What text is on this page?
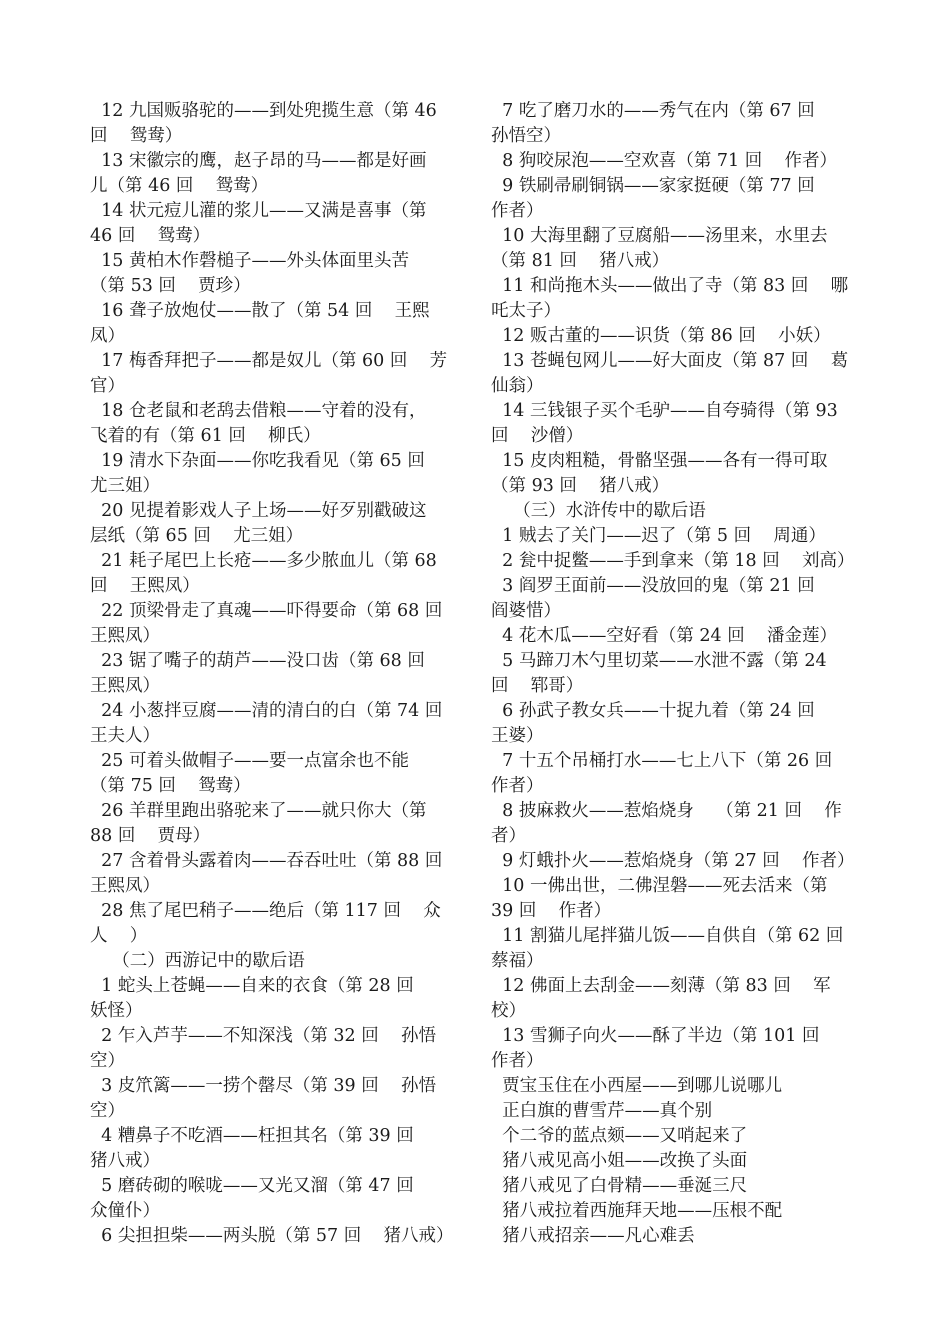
12 九国贩骆驼的——到处兜揽生意（第 46
回    鸳鸯）
13 宋徽宗的鹰，赵子昂的马——都是好画
儿（第 46 回    鸳鸯）
14 状元痘儿灌的浆儿——又满是喜事（第
46 回    鸳鸯）
15 黄柏木作磬槌子——外头体面里头苦
（第 53 回    贾珍）
16 聋子放炮仗——散了（第 54 回    王熙
凤）
17 梅香拜把子——都是奴儿（第 60 回    芳
官）
18 仓老鼠和老鸹去借粮——守着的没有，
飞着的有（第 61 回    柳氏）
19 清水下杂面——你吃我看见（第 65 回
尤三姐）
20 见提着影戏人子上场——好歹别戳破这
层纸（第 65 回    尤三姐）
21 耗子尾巴上长疮——多少脓血儿（第 68
回    王熙凤）
22 顶梁骨走了真魂——吓得要命（第 68 回
王熙凤）
23 锯了嘴子的葫芦——没口齿（第 68 回
王熙凤）
24 小葱拌豆腐——清的清白的白（第 74 回
王夫人）
25 可着头做帽子——要一点富余也不能
（第 75 回    鸳鸯）
26 羊群里跑出骆驼来了——就只你大（第
88 回    贾母）
27 含着骨头露着肉——吞吞吐吐（第 88 回
王熙凤）
28 焦了尾巴稍子——绝后（第 117 回    众
人    ）
（二）西游记中的歇后语
1 蛇头上苍蝇——自来的衣食（第 28 回
妖怪）
2 乍入芦芋——不知深浅（第 32 回    孙悟
空）
3 皮笊篱——一捞个罄尽（第 39 回    孙悟
空）
4 糟鼻子不吃酒——枉担其名（第 39 回
猪八戒）
5 磨砖砌的喉咙——又光又溜（第 47 回
众僮仆）
6 尖担担柴——两头脱（第 57 回    猪八戒）
7 吃了磨刀水的——秀气在内（第 67 回
孙悟空）
8 狗咬尿泡——空欢喜（第 71 回    作者）
9 铁刷帚刷铜锅——家家挺硬（第 77 回
作者）
10 大海里翻了豆腐船——汤里来，水里去
（第 81 回    猪八戒）
11 和尚拖木头——做出了寺（第 83 回    哪
吒太子）
12 贩古董的——识货（第 86 回    小妖）
13 苍蝇包网儿——好大面皮（第 87 回    葛
仙翁）
14 三钱银子买个毛驴——自夸骑得（第 93
回    沙僧）
15 皮肉粗糙，骨骼坚强——各有一得可取
（第 93 回    猪八戒）
（三）水浒传中的歇后语
1 贼去了关门——迟了（第 5 回    周通）
2 瓮中捉鳖——手到拿来（第 18 回    刘高）
3 阎罗王面前——没放回的鬼（第 21 回
阎婆惜）
4 花木瓜——空好看（第 24 回    潘金莲）
5 马蹄刀木勺里切菜——水泄不露（第 24
回    郓哥）
6 孙武子教女兵——十捉九着（第 24 回
王婆）
7 十五个吊桶打水——七上八下（第 26 回
作者）
8 披麻救火——惹焰烧身    （第 21 回    作
者）
9 灯蛾扑火——惹焰烧身（第 27 回    作者）
10 一佛出世，二佛涅磐——死去活来（第
39 回    作者）
11 割猫儿尾拌猫儿饭——自供自（第 62 回
蔡福）
12 佛面上去刮金——刻薄（第 83 回    军
校）
13 雪狮子向火——酥了半边（第 101 回
作者）
贾宝玉住在小西屋——到哪儿说哪儿
正白旗的曹雪芹——真个别
个二爷的蓝点颏——又哨起来了
猪八戒见高小姐——改换了头面
猪八戒见了白骨精——垂涎三尺
猪八戒拉着西施拜天地——压根不配
猪八戒招亲——凡心难丢
